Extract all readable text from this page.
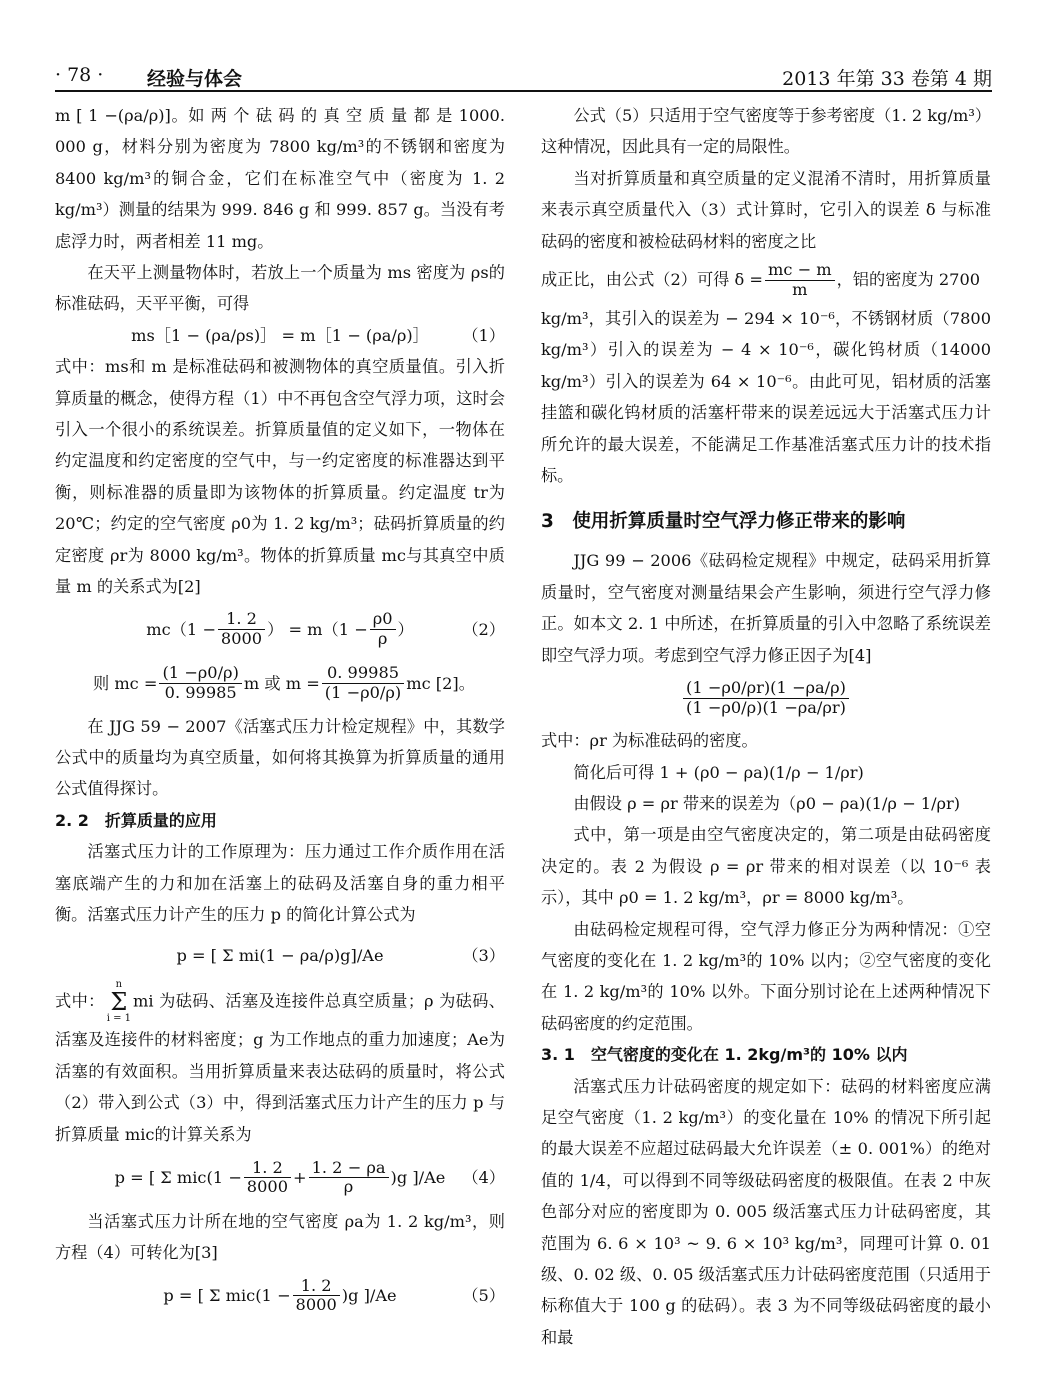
· 78 · 经验与体会	2013 年第 33 卷第 4 期

m [ 1 −(ρa/ρ)]。如 两 个 砝 码 的 真 空 质 量 都 是 1000. 000 g，材料分别为密度为 7800 kg/m³的不锈钢和密度为 8400 kg/m³的铜合金，它们在标准空气中（密度为 1. 2 kg/m³）测量的结果为 999. 846 g 和 999. 857 g。当没有考虑浮力时，两者相差 11 mg。

在天平上测量物体时，若放上一个质量为 ms 密度为 ρs的标准砝码，天平平衡，可得

ms［1 − (ρa/ρs)］ = m［1 − (ρa/ρ)］ （1）

式中：ms和 m 是标准砝码和被测物体的真空质量值。引入折算质量的概念，使得方程（1）中不再包含空气浮力项，这时会引入一个很小的系统误差。折算质量值的定义如下，一物体在约定温度和约定密度的空气中，与一约定密度的标准器达到平衡，则标准器的质量即为该物体的折算质量。约定温度 tr为 20℃；约定的空气密度 ρ0为 1. 2 kg/m³；砝码折算质量的约定密度 ρr为 8000 kg/m³。物体的折算质量 mc与其真空中质量 m 的关系式为[2]

$mc(1 - \frac{1. 2}{8000}$ ） = $m(1 - \frac{\rho 0}{\rho}$ ）	（2）
则 mc = $\frac{(1 -\rho 0/\rho)}{0. 99985}$ m 或 $m = \frac{0. 99985}{(1 -\rho 0/\rho)}$ mc [2]。

在 JJG 59 − 2007《活塞式压力计检定规程》中，其数学公式中的质量均为真空质量，如何将其换算为折算质量的通用公式值得探讨。

2. 2　折算质量的应用

活塞式压力计的工作原理为：压力通过工作介质作用在活塞底端产生的力和加在活塞上的砝码及活塞自身的重力相平衡。活塞式压力计产生的压力 p 的简化计算公式为

p = [ Σ mi(1 − ρa/ρ)g]/Ae	（3）

式中：
n
Σ
i = 1
mi 为砝码、活塞及连接件总真空质量；ρ 为砝码、活塞及连接件的材料密度；g 为工作地点的重力加速度；Ae为活塞的有效面积。当用折算质量来表达砝码的质量时，将公式（2）带入到公式（3）中，得到活塞式压力计产生的压力 p 与折算质量 mic的计算关系为

p = [ Σ $mic(1 - \frac{1. 2}{8000} + \frac{1. 2 - \rho a}{\rho} )g$ ]/Ae （4）

当活塞式压力计所在地的空气密度 ρa为 1. 2 kg/m³，则方程（4）可转化为[3]

p = [ Σ $mic(1 - \frac{1. 2}{8000} )g$ ]/Ae	（5）

公式（5）只适用于空气密度等于参考密度（1. 2 kg/m³）这种情况，因此具有一定的局限性。

当对折算质量和真空质量的定义混淆不清时，用折算质量来表示真空质量代入（3）式计算时，它引入的误差 δ 与标准砝码的密度和被检砝码材料的密度之比

成正比，由公式（2）可得 $\delta = \frac{mc - m}{m}$ ，铝的密度为 2700

kg/m³，其引入的误差为 − 294 × 10⁻⁶，不锈钢材质（7800 kg/m³）引入的误差为 − 4 × 10⁻⁶，碳化钨材质（14000 kg/m³）引入的误差为 64 × 10⁻⁶。由此可见，铝材质的活塞挂篮和碳化钨材质的活塞杆带来的误差远远大于活塞式压力计所允许的最大误差，不能满足工作基准活塞式压力计的技术指标。

3　使用折算质量时空气浮力修正带来的影响

JJG 99 − 2006《砝码检定规程》中规定，砝码采用折算质量时，空气密度对测量结果会产生影响，须进行空气浮力修正。如本文 2. 1 中所述，在折算质量的引入中忽略了系统误差即空气浮力项。考虑到空气浮力修正因子为[4]

$\frac{(1 -\rho 0/\rho r)(1 -\rho a/\rho)}{(1 -\rho 0/\rho)(1 -\rho a/\rho r)}$

式中：ρr 为标准砝码的密度。

简化后可得 1 + (ρ0 − ρa)(1/ρ − 1/ρr)

由假设 ρ = ρr 带来的误差为（ρ0 − ρa)(1/ρ − 1/ρr)

式中，第一项是由空气密度决定的，第二项是由砝码密度决定的。表 2 为假设 ρ = ρr 带来的相对误差（以 10⁻⁶ 表示），其中 ρ0 = 1. 2 kg/m³，ρr = 8000 kg/m³。

由砝码检定规程可得，空气浮力修正分为两种情况：①空气密度的变化在 1. 2 kg/m³的 10% 以内；②空气密度的变化在 1. 2 kg/m³的 10% 以外。下面分别讨论在上述两种情况下砝码密度的约定范围。

3. 1　空气密度的变化在 1. 2kg/m³的 10% 以内

活塞式压力计砝码密度的规定如下：砝码的材料密度应满足空气密度（1. 2 kg/m³）的变化量在 10% 的情况下所引起的最大误差不应超过砝码最大允许误差（± 0. 001%）的绝对值的 1/4，可以得到不同等级砝码密度的极限值。在表 2 中灰色部分对应的密度即为 0. 005 级活塞式压力计砝码密度，其范围为 6. 6 × 10³ ~ 9. 6 × 10³ kg/m³，同理可计算 0. 01 级、0. 02 级、0. 05 级活塞式压力计砝码密度范围（只适用于标称值大于 100 g 的砝码）。表 3 为不同等级砝码密度的最小和最
